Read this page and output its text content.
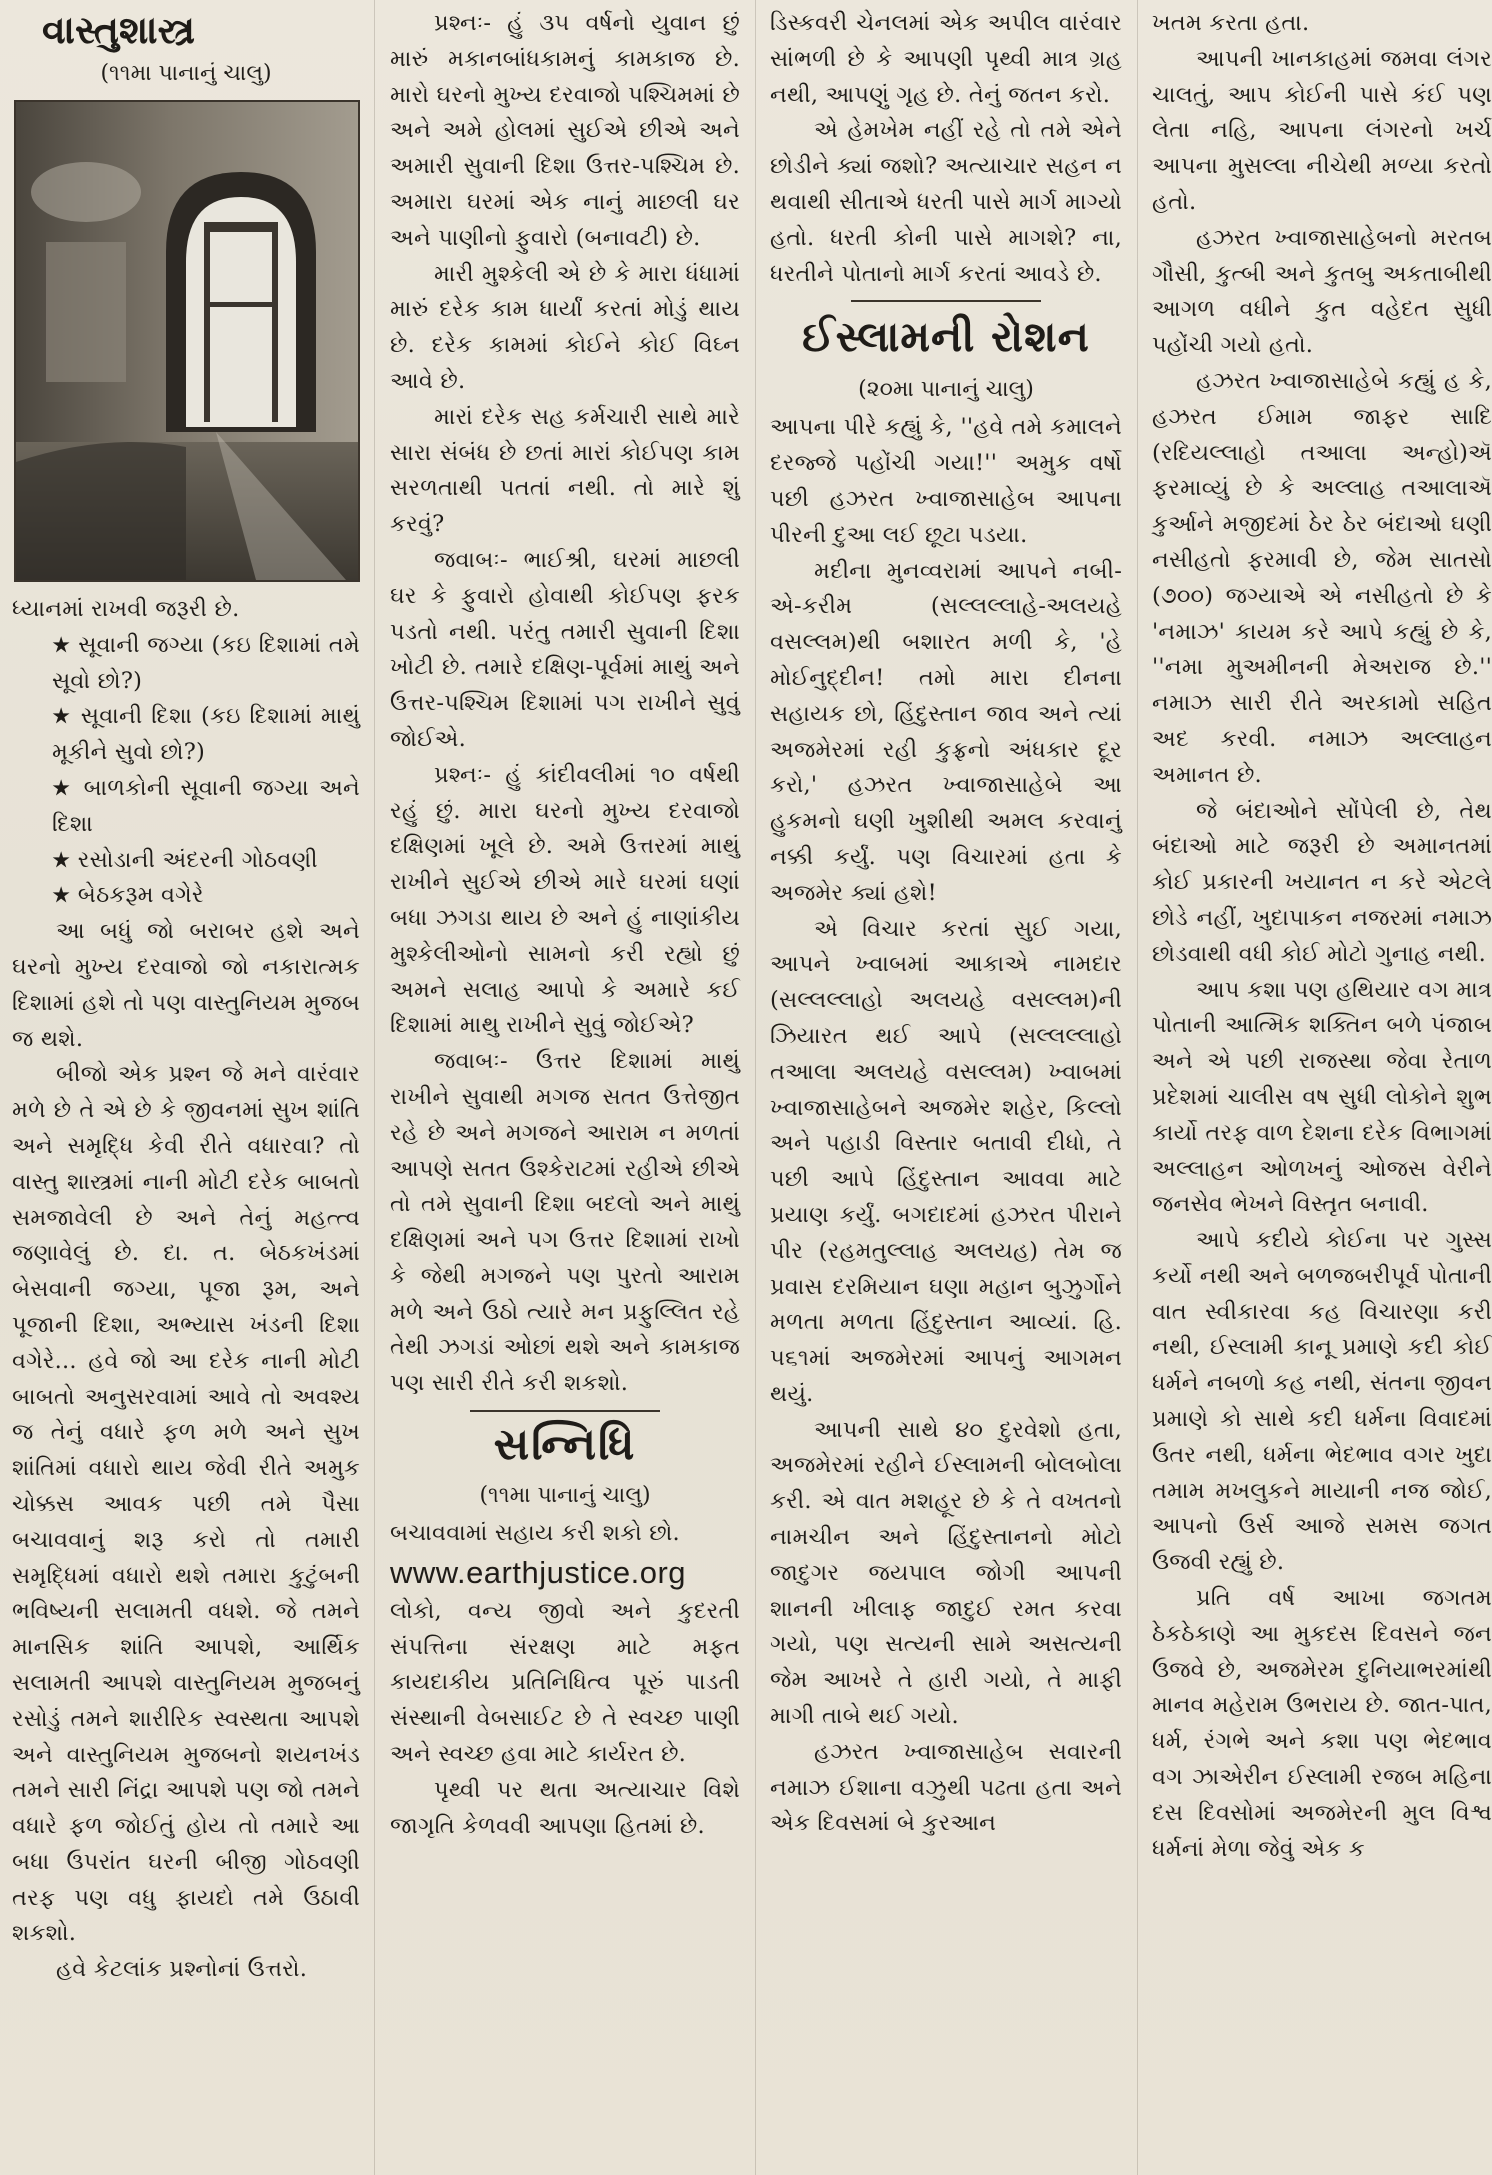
વાસ્તુશાસ્ત્ર

(૧૧મા પાનાનું ચાલુ)

ધ્યાનમાં રાખવી જરૂરી છે.

★ સૂવાની જગ્યા (કઇ દિશામાં તમે સૂવો છો?)

★ સૂવાની દિશા (કઇ દિશામાં માથું મૂકીને સુવો છો?)

★ બાળકોની સૂવાની જગ્યા અને દિશા

★ રસોડાની અંદરની ગોઠવણી

★ બેઠકરૂમ વગેરે

આ બધું જો બરાબર હશે અને ઘરનો મુખ્ય દરવાજો જો નકારાત્મક દિશામાં હશે તો પણ વાસ્તુનિયમ મુજબ જ થશે.

બીજો એક પ્રશ્ન જે મને વારંવાર મળે છે તે એ છે કે જીવનમાં સુખ શાંતિ અને સમૃદ્ધિ કેવી રીતે વધારવા? તો વાસ્તુ શાસ્ત્રમાં નાની મોટી દરેક બાબતો સમજાવેલી છે અને તેનું મહત્ત્વ જણાવેલું છે. દા. ત. બેઠકખંડમાં બેસવાની જગ્યા, પૂજા રૂમ, અને પૂજાની દિશા, અભ્યાસ ખંડની દિશા વગેરે... હવે જો આ દરેક નાની મોટી બાબતો અનુસરવામાં આવે તો અવશ્ય જ તેનું વધારે ફળ મળે અને સુખ શાંતિમાં વધારો થાય જેવી રીતે અમુક ચોક્કસ આવક પછી તમે પૈસા બચાવવાનું શરૂ કરો તો તમારી સમૃદ્ધિમાં વધારો થશે તમારા કુટુંબની ભવિષ્યની સલામતી વધશે. જે તમને માનસિક શાંતિ આપશે, આર્થિક સલામતી આપશે વાસ્તુનિયમ મુજબનું રસોડું તમને શારીરિક સ્વસ્થતા આપશે અને વાસ્તુનિયમ મુજબનો શયનખંડ તમને સારી નિંદ્રા આપશે પણ જો તમને વધારે ફળ જોઈતું હોય તો તમારે આ બધા ઉપરાંત ઘરની બીજી ગોઠવણી તરફ પણ વધુ ફાયદો તમે ઉઠાવી શકશો.

હવે કેટલાંક પ્રશ્નોનાં ઉત્તરો.

પ્રશ્નઃ- હું ૩૫ વર્ષનો યુવાન છું મારું મકાનબાંધકામનું કામકાજ છે. મારો ઘરનો મુખ્ય દરવાજો પશ્ચિમમાં છે અને અમે હોલમાં સુઈએ છીએ અને અમારી સુવાની દિશા ઉત્તર-પશ્ચિમ છે. અમારા ઘરમાં એક નાનું માછલી ઘર અને પાણીનો ફુવારો (બનાવટી) છે.

મારી મુશ્કેલી એ છે કે મારા ધંધામાં મારું દરેક કામ ધાર્યાં કરતાં મોડું થાય છે. દરેક કામમાં કોઈને કોઈ વિઘ્ન આવે છે.

મારાં દરેક સહ કર્મચારી સાથે મારે સારા સંબંધ છે છતાં મારાં કોઈપણ કામ સરળતાથી પતતાં નથી. તો મારે શું કરવું?

જવાબઃ- ભાઈશ્રી, ઘરમાં માછલી ઘર કે ફુવારો હોવાથી કોઈપણ ફરક પડતો નથી. પરંતુ તમારી સુવાની દિશા ખોટી છે. તમારે દક્ષિણ-પૂર્વમાં માથું અને ઉત્તર-પશ્ચિમ દિશામાં પગ રાખીને સુવું જોઈએ.

પ્રશ્નઃ- હું કાંદીવલીમાં ૧૦ વર્ષથી રહું છું. મારા ઘરનો મુખ્ય દરવાજો દક્ષિણમાં ખૂલે છે. અમે ઉત્તરમાં માથું રાખીને સુઈએ છીએ મારે ઘરમાં ઘણાં બધા ઝગડા થાય છે અને હું નાણાંકીય મુશ્કેલીઓનો સામનો કરી રહ્યો છું અમને સલાહ આપો કે અમારે કઈ દિશામાં માથુ રાખીને સુવું જોઈએ?

જવાબઃ- ઉત્તર દિશામાં માથું રાખીને સુવાથી મગજ સતત ઉત્તેજીત રહે છે અને મગજને આરામ ન મળતાં આપણે સતત ઉશ્કેરાટમાં રહીએ છીએ તો તમે સુવાની દિશા બદલો અને માથું દક્ષિણમાં અને પગ ઉત્તર દિશામાં રાખો કે જેથી મગજને પણ પુરતો આરામ મળે અને ઉઠો ત્યારે મન પ્રફુલ્લિત રહે તેથી ઝગડાં ઓછાં થશે અને કામકાજ પણ સારી રીતે કરી શકશો.

સન્નિધિ

(૧૧મા પાનાનું ચાલુ)

બચાવવામાં સહાય કરી શકો છો.

www.earthjustice.org

લોકો, વન્ય જીવો અને કુદરતી સંપત્તિના સંરક્ષણ માટે મફત કાયદાકીય પ્રતિનિધિત્વ પૂરું પાડતી સંસ્થાની વેબસાઈટ છે તે સ્વચ્છ પાણી અને સ્વચ્છ હવા માટે કાર્યરત છે.

પૃથ્વી પર થતા અત્યાચાર વિશે જાગૃતિ કેળવવી આપણા હિતમાં છે.

ડિસ્કવરી ચેનલમાં એક અપીલ વારંવાર સાંભળી છે કે આપણી પૃથ્વી માત્ર ગ્રહ નથી, આપણું ગૃહ છે. તેનું જતન કરો.

એ હેમખેમ નહીં રહે તો તમે એને છોડીને ક્યાં જશો? અત્યાચાર સહન ન થવાથી સીતાએ ધરતી પાસે માર્ગ માગ્યો હતો. ધરતી કોની પાસે માગશે? ના, ધરતીને પોતાનો માર્ગ કરતાં આવડે છે.

ઈસ્લામની રોશન

(૨૦મા પાનાનું ચાલુ)

આપના પીરે કહ્યું કે, ''હવે તમે કમાલને દરજ્જે પહોંચી ગયા!'' અમુક વર્ષો પછી હઝરત ખ્વાજાસાહેબ આપના પીરની દુઆ લઈ છૂટા પડયા.

મદીના મુનવ્વરામાં આપને નબી-એ-કરીમ (સલ્લલ્લાહે-અલયહે વસલ્લમ)થી બશારત મળી કે, 'હે મોઈનુદ્દીન! તમો મારા દીનના સહાયક છો, હિંદુસ્તાન જાવ અને ત્યાં અજમેરમાં રહી કુફ્રનો અંધકાર દૂર કરો,' હઝરત ખ્વાજાસાહેબે આ હુકમનો ઘણી ખુશીથી અમલ કરવાનું નક્કી કર્યું. પણ વિચારમાં હતા કે અજમેર ક્યાં હશે!

એ વિચાર કરતાં સુઈ ગયા, આપને ખ્વાબમાં આકાએ નામદાર (સલ્લલ્લાહો અલયહે વસલ્લમ)ની ઝિયારત થઈ આપે (સલ્લલ્લાહો તઆલા અલયહે વસલ્લમ) ખ્વાબમાં ખ્વાજાસાહેબને અજમેર શહેર, કિલ્લો અને પહાડી વિસ્તાર બતાવી દીધો, તે પછી આપે હિંદુસ્તાન આવવા માટે પ્રયાણ કર્યું. બગદાદમાં હઝરત પીરાને પીર (રહમતુલ્લાહ અલયહ) તેમ જ પ્રવાસ દરમિયાન ઘણા મહાન બુઝુર્ગોને મળતા મળતા હિંદુસ્તાન આવ્યાં. હિ. ૫૬૧માં અજમેરમાં આપનું આગમન થયું.

આપની સાથે ૪૦ દુરવેશો હતા, અજમેરમાં રહીને ઈસ્લામની બોલબોલા કરી. એ વાત મશહૂર છે કે તે વખતનો નામચીન અને હિંદુસ્તાનનો મોટો જાદુગર જયપાલ જોગી આપની શાનની ખીલાફ જાદુઈ રમત કરવા ગયો, પણ સત્યની સામે અસત્યની જેમ આખરે તે હારી ગયો, તે માફી માગી તાબે થઈ ગયો.

હઝરત ખ્વાજાસાહેબ સવારની નમાઝ ઈશાના વઝુથી પઢતા હતા અને એક દિવસમાં બે કુરઆન

ખતમ કરતા હતા.

આપની ખાનકાહમાં જમવા લંગર ચાલતું, આપ કોઈની પાસે કંઈ પણ લેતા નહિ, આપના લંગરનો ખર્ચ આપના મુસલ્લા નીચેથી મળ્યા કરતો હતો.

હઝરત ખ્વાજાસાહેબનો મરતબ ગૌસી, કુત્બી અને કુતબુ અકતાબીથી આગળ વધીને કુત વહેદત સુધી પહોંચી ગયો હતો.

હઝરત ખ્વાજાસાહેબે કહ્યું હ કે, હઝરત ઈમામ જાફર સાદિ (રદિયલ્લાહો તઆલા અન્હો)ઍ ફરમાવ્યું છે કે અલ્લાહ તઆલાઍ કુર્આને મજીદમાં ઠેર ઠેર બંદાઓ ઘણી નસીહતો ફરમાવી છે, જેમ સાતસો (૭૦૦) જગ્યાએ એ નસીહતો છે કે 'નમાઝ' કાયમ કરે આપે કહ્યું છે કે, ''નમા મુઅમીનની મેઅરાજ છે.'' નમાઝ સારી રીતે અરકામો સહિત અદ કરવી. નમાઝ અલ્લાહન અમાનત છે.

જે બંદાઓને સોંપેલી છે, તેથ બંદાઓ માટે જરૂરી છે અમાનતમાં કોઈ પ્રકારની ખયાનત ન કરે એટલે છોડે નહીં, ખુદાપાકન નજરમાં નમાઝ છોડવાથી વધી કોઈ મોટો ગુનાહ નથી.

આપ કશા પણ હથિયાર વગ માત્ર પોતાની આત્મિક શક્તિન બળે પંજાબ અને એ પછી રાજસ્થા જેવા રેતાળ પ્રદેશમાં ચાલીસ વષ સુધી લોકોને શુભ કાર્યો તરફ વાળ દેશના દરેક વિભાગમાં અલ્લાહન ઓળખનું ઓજસ વેરીને જનસેવ ભેખને વિસ્તૃત બનાવી.

આપે કદીયે કોઈના પર ગુસ્સ કર્યો નથી અને બળજબરીપૂર્વ પોતાની વાત સ્વીકારવા કહ વિચારણા કરી નથી, ઈસ્લામી કાનૂ પ્રમાણે કદી કોઈ ધર્મને નબળો કહ નથી, સંતના જીવન પ્રમાણે કો સાથે કદી ધર્મના વિવાદમાં ઉતર નથી, ધર્મના ભેદભાવ વગર ખુદા તમામ મખલુકને માયાની નજ જોઈ, આપનો ઉર્સ આજે સમસ જગત ઉજવી રહ્યું છે.

પ્રતિ વર્ષ આખા જગતમ ઠેકઠેકાણે આ મુકદસ દિવસને જન ઉજવે છે, અજમેરમ દુનિયાભરમાંથી માનવ મહેરામ ઉભરાય છે. જાત-પાત, ધર્મ, રંગભે અને કશા પણ ભેદભાવ વગ ઝાએરીન ઈસ્લામી રજબ મહિના દસ દિવસોમાં અજમેરની મુલ વિશ્વ ધર્મનાં મેળા જેવું એક ક
